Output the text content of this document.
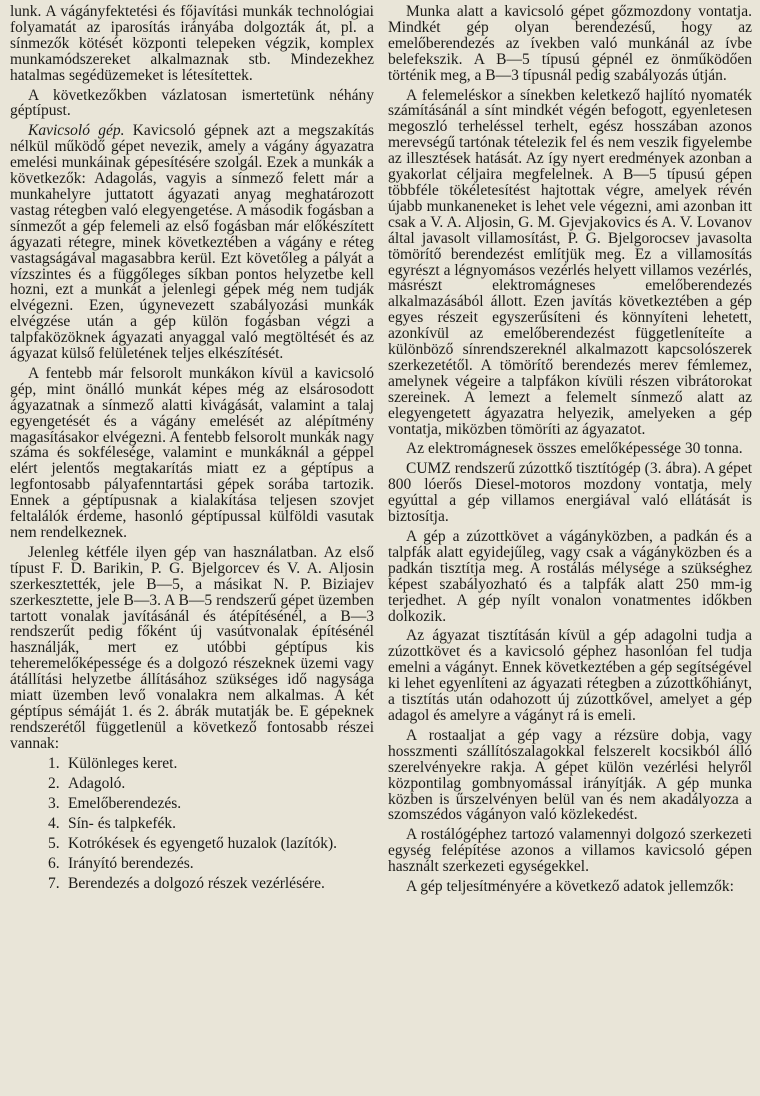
lunk. A vágányfektetési és főjavítási munkák technológiai folyamatát az iparosítás irányába dolgozták át, pl. a sínmezők kötését központi telepeken végzik, komplex munkamódszereket alkalmaznak stb. Mindezekhez hatalmas segédüzemeket is létesítettek.

A következőkben vázlatosan ismertetünk néhány géptípust.

Kavicsoló gép. Kavicsoló gépnek azt a megszakítás nélkül működő gépet nevezik, amely a vágány ágyazatra emelési munkáinak gépesítésére szolgál. Ezek a munkák a következők: Adagolás, vagyis a sínmező felett már a munkahelyre juttatott ágyazati anyag meghatározott vastag rétegben való elegyengetése. A második fogásban a sínmezőt a gép felemeli az első fogásban már előkészített ágyazati rétegre, minek következtében a vágány e réteg vastagságával magasabbra kerül. Ezt követőleg a pályát a vízszintes és a függőleges síkban pontos helyzetbe kell hozni, ezt a munkát a jelenlegi gépek még nem tudják elvégezni. Ezen, úgynevezett szabályozási munkák elvégzése után a gép külön fogásban végzi a talpfaközöknek ágyazati anyaggal való megtöltését és az ágyazat külső felületének teljes elkészítését.

A fentebb már felsorolt munkákon kívül a kavicsoló gép, mint önálló munkát képes még az elsárosodott ágyazatnak a sínmező alatti kivágását, valamint a talaj egyengetését és a vágány emelését az alépítmény magasításakor elvégezni. A fentebb felsorolt munkák nagy száma és sokfélesége, valamint e munkáknál a géppel elért jelentős megtakarítás miatt ez a géptípus a legfontosabb pályafenntartási gépek sorába tartozik. Ennek a géptípusnak a kialakítása teljesen szovjet feltalálók érdeme, hasonló géptípussal külföldi vasutak nem rendelkeznek.

Jelenleg kétféle ilyen gép van használatban. Az első típust F. D. Barikin, P. G. Bjelgorcev és V. A. Aljosin szerkesztették, jele B—5, a másikat N. P. Biziajev szerkesztette, jele B—3. A B—5 rendszerű gépet üzemben tartott vonalak javításánál és átépítésénél, a B—3 rendszerűt pedig főként új vasútvonalak építésénél használják, mert ez utóbbi géptípus kis teheremelőképessége és a dolgozó részeknek üzemi vagy átállítási helyzetbe állításához szükséges idő nagysága miatt üzemben levő vonalakra nem alkalmas. A két géptípus sémáját 1. és 2. ábrák mutatják be. E gépeknek rendszerétől függetlenül a következő fontosabb részei vannak:

1. Különleges keret.
2. Adagoló.
3. Emelőberendezés.
4. Sín- és talpkefék.
5. Kotrókések és egyengető huzalok (lazítók).
6. Irányító berendezés.
7. Berendezés a dolgozó részek vezérlésére.

Munka alatt a kavicsoló gépet gőzmozdony vontatja. Mindkét gép olyan berendezésű, hogy az emelőberendezés az ívekben való munkánál az ívbe belefekszik. A B—5 típusú gépnél ez önműködően történik meg, a B—3 típusnál pedig szabályozás útján.

A felemeléskor a sínekben keletkező hajlító nyomaték számításánál a sínt mindkét végén befogott, egyenletesen megoszló terheléssel terhelt, egész hosszában azonos merevségű tartónak tételezik fel és nem veszik figyelembe az illesztések hatását. Az így nyert eredmények azonban a gyakorlat céljaira megfelelnek. A B—5 típusú gépen többféle tökéletesítést hajtottak végre, amelyek révén újabb munkaneneket is lehet vele végezni, ami azonban itt csak a V. A. Aljosin, G. M. Gjevjakovics és A. V. Lovanov által javasolt villamosítást, P. G. Bjelgorocsev javasolta tömörítő berendezést említjük meg. Ez a villamosítás egyrészt a légnyomásos vezérlés helyett villamos vezérlés, másrészt elektromágneses emelőberendezés alkalmazásából állott. Ezen javítás következtében a gép egyes részeit egyszerűsíteni és könnyíteni lehetett, azonkívül az emelőberendezést függetleníteíte a különböző sínrendszereknél alkalmazott kapcsolószerek szerkezetétől. A tömörítő berendezés merev fémlemez, amelynek végeire a talpfákon kívüli részen vibrátorokat szereinek. A lemezt a felemelt sínmező alatt az elegyengetett ágyazatra helyezik, amelyeken a gép vontatja, miközben tömöríti az ágyazatot.

Az elektromágnesek összes emelőképessége 30 tonna.

CUMZ rendszerű zúzottkő tisztítógép (3. ábra). A gépet 800 lóerős Diesel-motoros mozdony vontatja, mely egyúttal a gép villamos energiával való ellátását is biztosítja.

A gép a zúzottkövet a vágányközben, a padkán és a talpfák alatt egyidejűleg, vagy csak a vágányközben és a padkán tisztítja meg. A rostálás mélysége a szükséghez képest szabályozható és a talpfák alatt 250 mm-ig terjedhet. A gép nyílt vonalon vonatmentes időkben dolkozik.

Az ágyazat tisztításán kívül a gép adagolni tudja a zúzottkövet és a kavicsoló géphez hasonlóan fel tudja emelni a vágányt. Ennek következtében a gép segítségével ki lehet egyenlíteni az ágyazati rétegben a zúzottkőhiányt, a tisztítás után odahozott új zúzottkővel, amelyet a gép adagol és amelyre a vágányt rá is emeli.

A rostaaljat a gép vagy a rézsüre dobja, vagy hosszmenti szállítószalagokkal felszerelt kocsikból álló szerelvényekre rakja. A gépet külön vezérlési helyről központilag gombnyomással irányítják. A gép munka közben is űrszelvényen belül van és nem akadályozza a szomszédos vágányon való közlekedést.

A rostálógéphez tartozó valamennyi dolgozó szerkezeti egység felépítése azonos a villamos kavicsoló gépen használt szerkezeti egységekkel.

A gép teljesítményére a következő adatok jellemzők:
